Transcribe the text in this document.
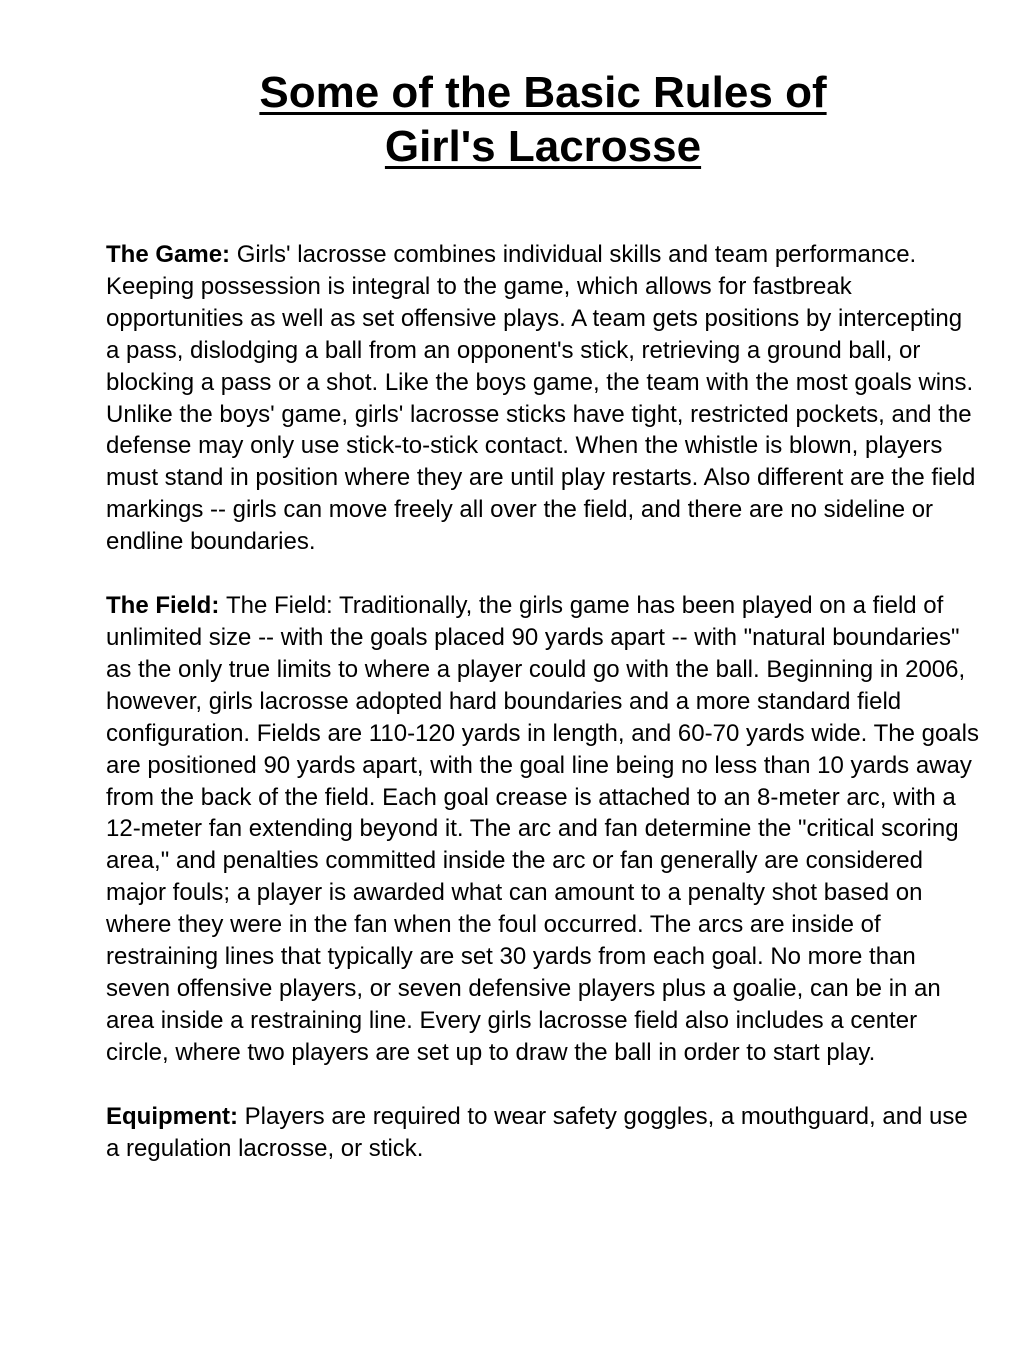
Some of the Basic Rules of
Girl's Lacrosse

The Game: Girls' lacrosse combines individual skills and team performance. Keeping possession is integral to the game, which allows for fastbreak opportunities as well as set offensive plays. A team gets positions by intercepting a pass, dislodging a ball from an opponent's stick, retrieving a ground ball, or blocking a pass or a shot. Like the boys game, the team with the most goals wins. Unlike the boys' game, girls' lacrosse sticks have tight, restricted pockets, and the defense may only use stick-to-stick contact. When the whistle is blown, players must stand in position where they are until play restarts. Also different are the field markings -- girls can move freely all over the field, and there are no sideline or endline boundaries.

The Field: The Field: Traditionally, the girls game has been played on a field of unlimited size -- with the goals placed 90 yards apart -- with "natural boundaries" as the only true limits to where a player could go with the ball. Beginning in 2006, however, girls lacrosse adopted hard boundaries and a more standard field configuration. Fields are 110-120 yards in length, and 60-70 yards wide. The goals are positioned 90 yards apart, with the goal line being no less than 10 yards away from the back of the field. Each goal crease is attached to an 8-meter arc, with a 12-meter fan extending beyond it. The arc and fan determine the "critical scoring area," and penalties committed inside the arc or fan generally are considered major fouls; a player is awarded what can amount to a penalty shot based on where they were in the fan when the foul occurred. The arcs are inside of restraining lines that typically are set 30 yards from each goal. No more than seven offensive players, or seven defensive players plus a goalie, can be in an area inside a restraining line. Every girls lacrosse field also includes a center circle, where two players are set up to draw the ball in order to start play.

Equipment: Players are required to wear safety goggles, a mouthguard, and use a regulation lacrosse, or stick.
